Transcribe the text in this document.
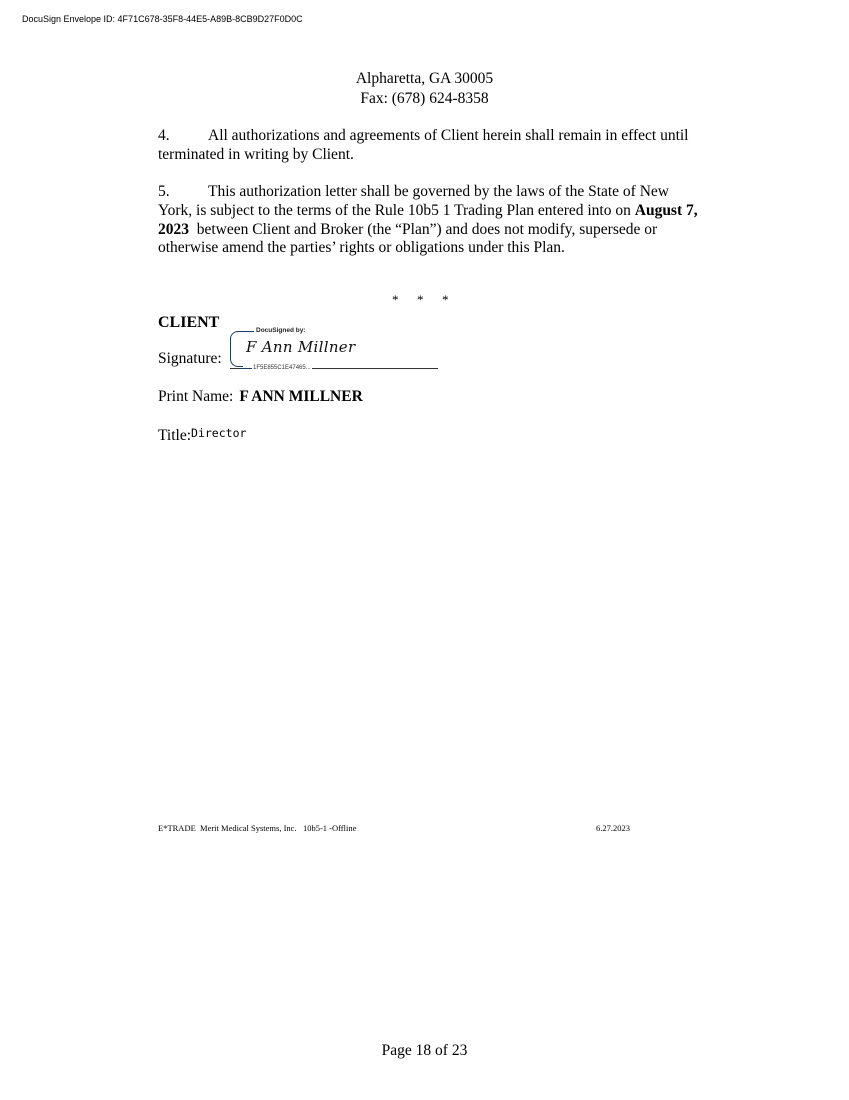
DocuSign Envelope ID: 4F71C678-35F8-44E5-A89B-8CB9D27F0D0C
Alpharetta, GA 30005
Fax: (678) 624-8358
4. All authorizations and agreements of Client herein shall remain in effect until terminated in writing by Client.
5. This authorization letter shall be governed by the laws of the State of New York, is subject to the terms of the Rule 10b5 1 Trading Plan entered into on August 7, 2023  between Client and Broker (the “Plan”) and does not modify, supersede or otherwise amend the parties’ rights or obligations under this Plan.
* * *
CLIENT
Signature:
DocuSigned by:
F Ann Millner
1F5E855C1E47465...
Print Name: F ANN MILLNER
Title:Director
E*TRADE  Merit Medical Systems, Inc.   10b5-1 -Offline	6.27.2023
Page 18 of 23
